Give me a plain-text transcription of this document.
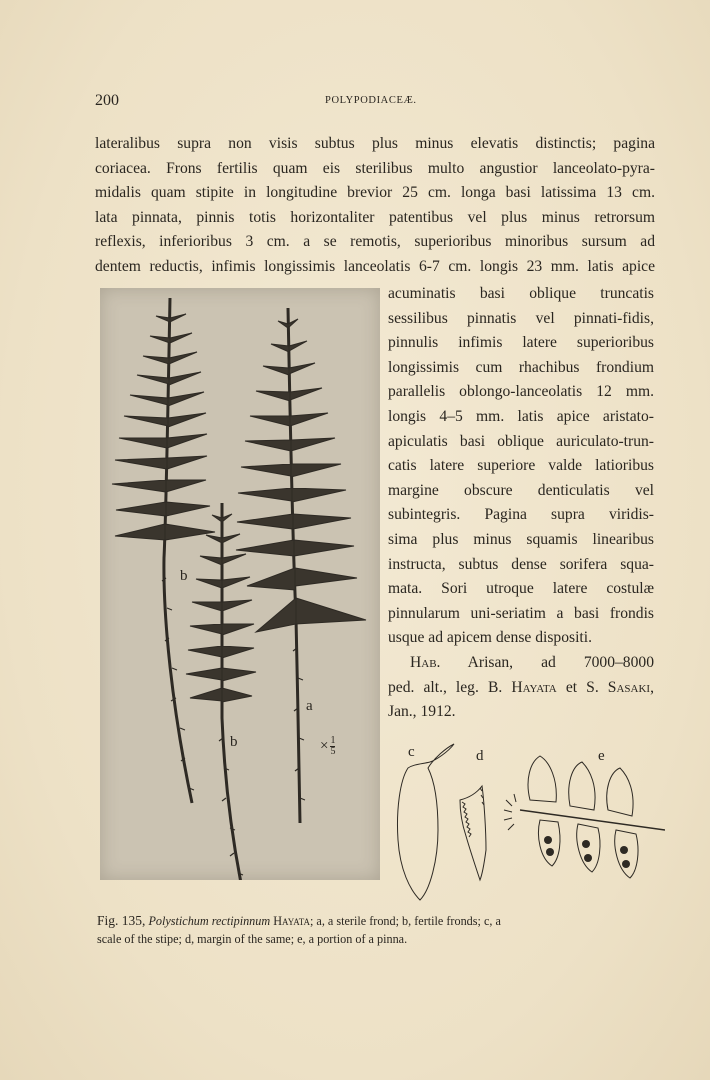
200	POLYPODIACEÆ.
lateralibus supra non visis subtus plus minus elevatis distinctis; pagina
coriacea. Frons fertilis quam eis sterilibus multo angustior lanceolato-pyra-
midalis quam stipite in longitudine brevior 25 cm. longa basi latissima 13 cm.
lata pinnata, pinnis totis horizontaliter patentibus vel plus minus retrorsum
reflexis, inferioribus 3 cm. a se remotis, superioribus minoribus sursum ad
dentem reductis, infimis longissimis lanceolatis 6-7 cm. longis 23 mm. latis apice
b
b
a
× $\frac{1}{5}$
acuminatis basi oblique truncatis
sessilibus pinnatis vel pinnati-fidis,
pinnulis infimis latere superioribus
longissimis cum rhachibus frondium
parallelis oblongo-lanceolatis 12 mm.
longis 4–5 mm. latis apice aristato-
apiculatis basi oblique auriculato-trun-
catis latere superiore valde latioribus
margine obscure denticulatis vel
subintegris. Pagina supra viridis-
sima plus minus squamis linearibus
instructa, subtus dense sorifera squa-
mata. Sori utroque latere costulæ
pinnularum uni-seriatim a basi frondis
usque ad apicem dense dispositi.
Hab. Arisan, ad 7000–8000
ped. alt., leg. B. Hayata et S. Sasaki,
Jan., 1912.
c	d	e
Fig. 135, Polystichum rectipinnum Hayata; a, a sterile frond; b, fertile fronds; c, a
scale of the stipe; d, margin of the same; e, a portion of a pinna.
